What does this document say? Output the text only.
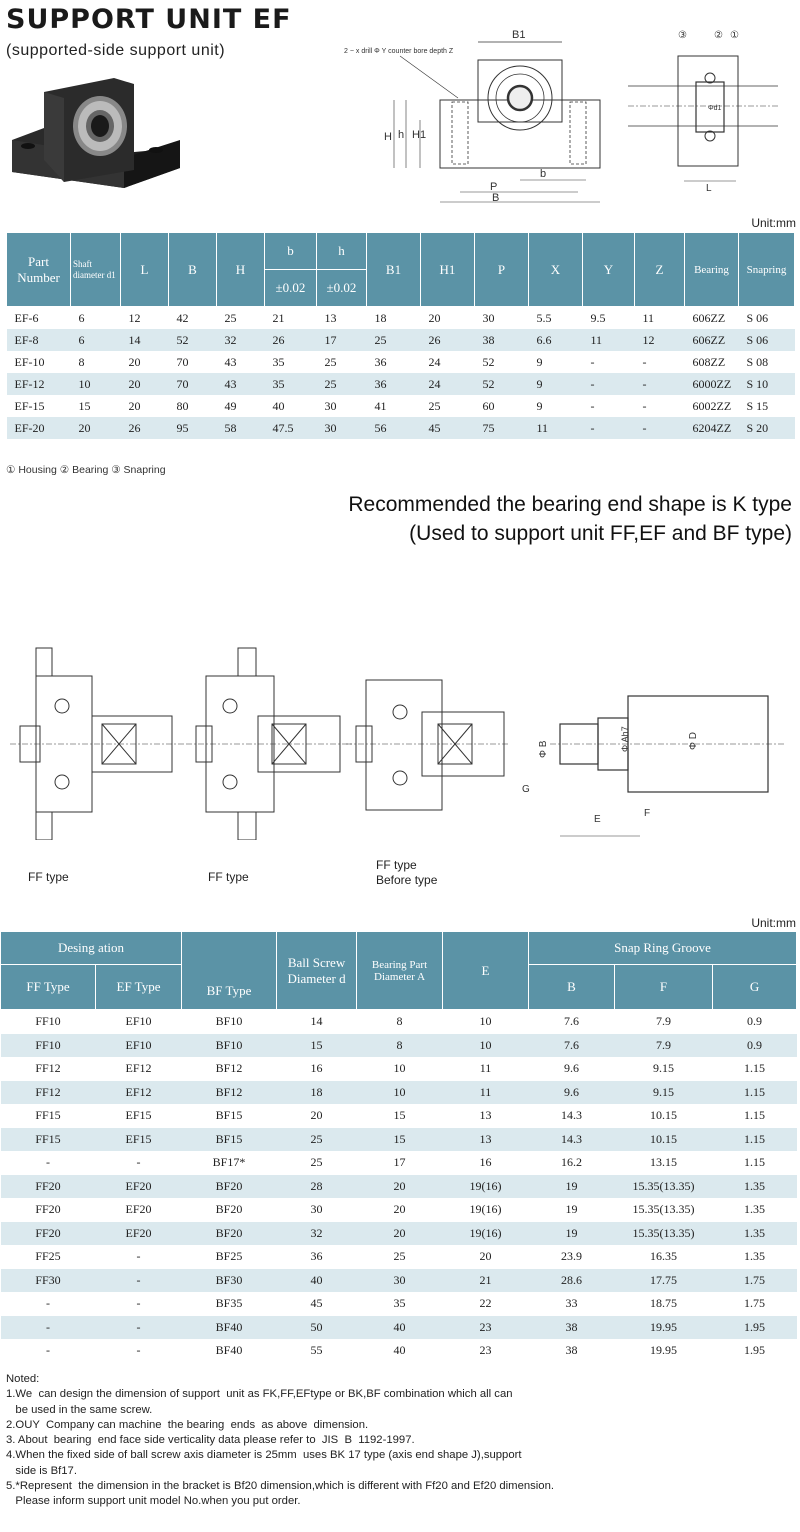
SUPPORT UNIT EF
(supported-side support unit)	2 − x drill Φ Y counter bore depth Z
B1
H h H1
b
P
B
③	② ①
Φd1
L
Unit:mm
Part Number	Shaft diameter d1	L	B	H	b	h	B1	H1	P	X	Y	Z	Bearing	Snapring
					±0.02	±0.02								
EF-6	6	12	42	25	21	13	18	20	30	5.5	9.5	11	606ZZ	S 06
EF-8	6	14	52	32	26	17	25	26	38	6.6	11	12	606ZZ	S 06
EF-10	8	20	70	43	35	25	36	24	52	9	-	-	608ZZ	S 08
EF-12	10	20	70	43	35	25	36	24	52	9	-	-	6000ZZ	S 10
EF-15	15	20	80	49	40	30	41	25	60	9	-	-	6002ZZ	S 15
EF-20	20	26	95	58	47.5	30	56	45	75	11	-	-	6204ZZ	S 20
① Housing ② Bearing ③ Snapring
Recommended the bearing end shape is K type
(Used to support unit FF,EF and BF type)
Φ B	Φ Ah7	Φ D
G
E
F
FF type	FF type
FF type
Before type
Unit:mm
Desing ation		BF Type	Ball Screw Diameter d	Bearing Part Diameter A	E	Snap Ring Groove		
FF Type	EF Type					B	F	G
FF10	EF10	BF10	14	8	10	7.6	7.9	0.9
FF10	EF10	BF10	15	8	10	7.6	7.9	0.9
FF12	EF12	BF12	16	10	11	9.6	9.15	1.15
FF12	EF12	BF12	18	10	11	9.6	9.15	1.15
FF15	EF15	BF15	20	15	13	14.3	10.15	1.15
FF15	EF15	BF15	25	15	13	14.3	10.15	1.15
-	-	BF17*	25	17	16	16.2	13.15	1.15
FF20	EF20	BF20	28	20	19(16)	19	15.35(13.35)	1.35
FF20	EF20	BF20	30	20	19(16)	19	15.35(13.35)	1.35
FF20	EF20	BF20	32	20	19(16)	19	15.35(13.35)	1.35
FF25	-	BF25	36	25	20	23.9	16.35	1.35
FF30	-	BF30	40	30	21	28.6	17.75	1.75
-	-	BF35	45	35	22	33	18.75	1.75
-	-	BF40	50	40	23	38	19.95	1.95
-	-	BF40	55	40	23	38	19.95	1.95
Noted:
1.We  can design the dimension of support  unit as FK,FF,EFtype or BK,BF combination which all can
be used in the same screw.
2.OUY  Company can machine  the bearing  ends  as above  dimension.
3. About  bearing  end face side verticality data please refer to  JIS  B  1192-1997.
4.When the fixed side of ball screw axis diameter is 25mm  uses BK 17 type (axis end shape J),support
side is Bf17.
5.*Represent  the dimension in the bracket is Bf20 dimension,which is different with Ff20 and Ef20 dimension.
Please inform support unit model No.when you put order.
